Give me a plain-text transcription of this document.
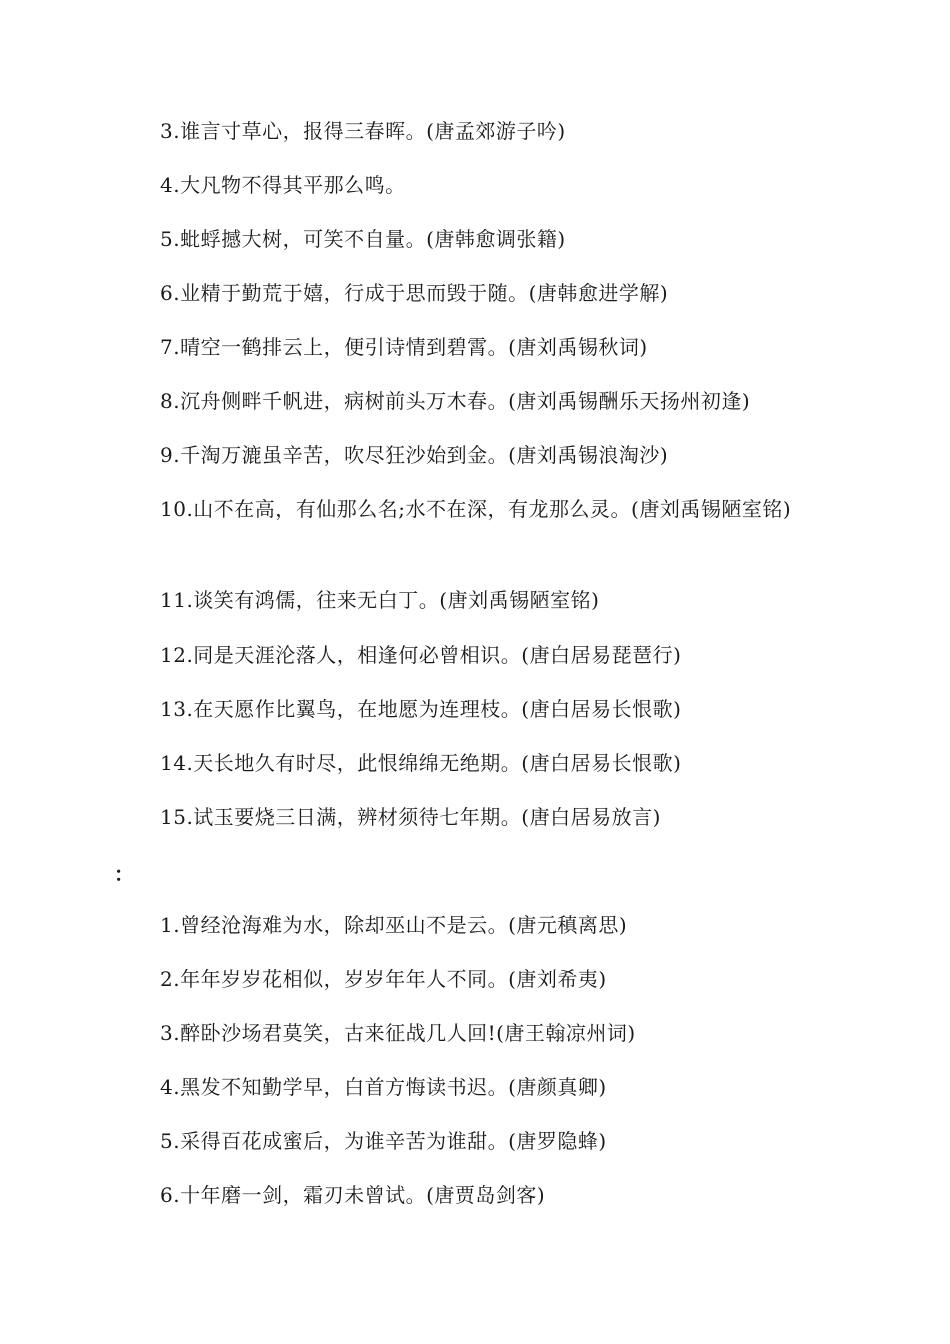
3.谁言寸草心，报得三春晖。(唐孟郊游子吟)
4.大凡物不得其平那么鸣。
5.蚍蜉撼大树，可笑不自量。(唐韩愈调张籍)
6.业精于勤荒于嬉，行成于思而毁于随。(唐韩愈进学解)
7.晴空一鹤排云上，便引诗情到碧霄。(唐刘禹锡秋词)
8.沉舟侧畔千帆进，病树前头万木春。(唐刘禹锡酬乐天扬州初逢)
9.千淘万漉虽辛苦，吹尽狂沙始到金。(唐刘禹锡浪淘沙)
10.山不在高，有仙那么名;水不在深，有龙那么灵。(唐刘禹锡陋室铭)
11.谈笑有鸿儒，往来无白丁。(唐刘禹锡陋室铭)
12.同是天涯沦落人，相逢何必曾相识。(唐白居易琵琶行)
13.在天愿作比翼鸟，在地愿为连理枝。(唐白居易长恨歌)
14.天长地久有时尽，此恨绵绵无绝期。(唐白居易长恨歌)
15.试玉要烧三日满，辨材须待七年期。(唐白居易放言)
：
1.曾经沧海难为水，除却巫山不是云。(唐元稹离思)
2.年年岁岁花相似，岁岁年年人不同。(唐刘希夷)
3.醉卧沙场君莫笑，古来征战几人回!(唐王翰凉州词)
4.黑发不知勤学早，白首方悔读书迟。(唐颜真卿)
5.采得百花成蜜后，为谁辛苦为谁甜。(唐罗隐蜂)
6.十年磨一剑，霜刃未曾试。(唐贾岛剑客)
